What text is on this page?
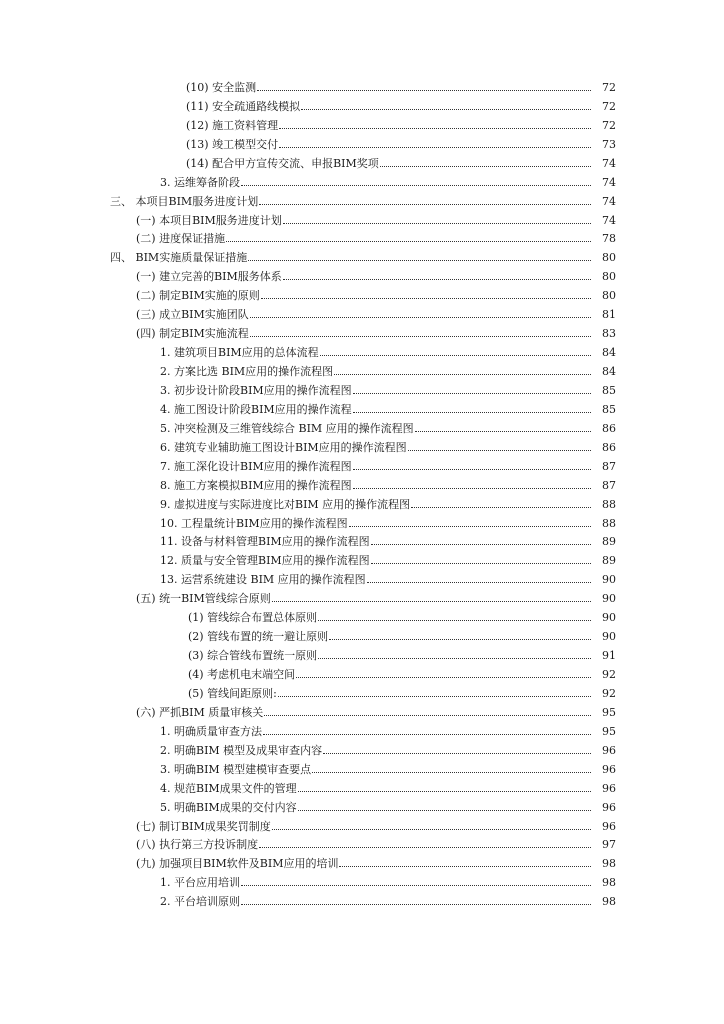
(10) 安全监测	72
(11) 安全疏通路线模拟	72
(12) 施工资料管理	72
(13) 竣工模型交付	73
(14) 配合甲方宣传交流、申报BIM奖项	74
3. 运维筹备阶段	74
三、 本项目BIM服务进度计划	74
(一) 本项目BIM服务进度计划	74
(二) 进度保证措施	78
四、 BIM实施质量保证措施	80
(一) 建立完善的BIM服务体系	80
(二) 制定BIM实施的原则	80
(三) 成立BIM实施团队	81
(四) 制定BIM实施流程	83
1. 建筑项目BIM应用的总体流程	84
2. 方案比选 BIM应用的操作流程图	84
3. 初步设计阶段BIM应用的操作流程图	85
4. 施工图设计阶段BIM应用的操作流程	85
5. 冲突检测及三维管线综合 BIM 应用的操作流程图	86
6. 建筑专业辅助施工图设计BIM应用的操作流程图	86
7. 施工深化设计BIM应用的操作流程图	87
8. 施工方案模拟BIM应用的操作流程图	87
9. 虚拟进度与实际进度比对BIM 应用的操作流程图	88
10. 工程量统计BIM应用的操作流程图	88
11. 设备与材料管理BIM应用的操作流程图	89
12. 质量与安全管理BIM应用的操作流程图	89
13. 运营系统建设 BIM 应用的操作流程图	90
(五) 统一BIM管线综合原则	90
(1) 管线综合布置总体原则	90
(2) 管线布置的统一避让原则	90
(3) 综合管线布置统一原则	91
(4) 考虑机电末端空间	92
(5) 管线间距原则:	92
(六) 严抓BIM 质量审核关	95
1. 明确质量审查方法	95
2. 明确BIM 模型及成果审查内容	96
3. 明确BIM 模型建模审查要点	96
4. 规范BIM成果文件的管理	96
5. 明确BIM成果的交付内容	96
(七) 制订BIM成果奖罚制度	96
(八) 执行第三方投诉制度	97
(九) 加强项目BIM软件及BIM应用的培训	98
1. 平台应用培训	98
2. 平台培训原则	98
